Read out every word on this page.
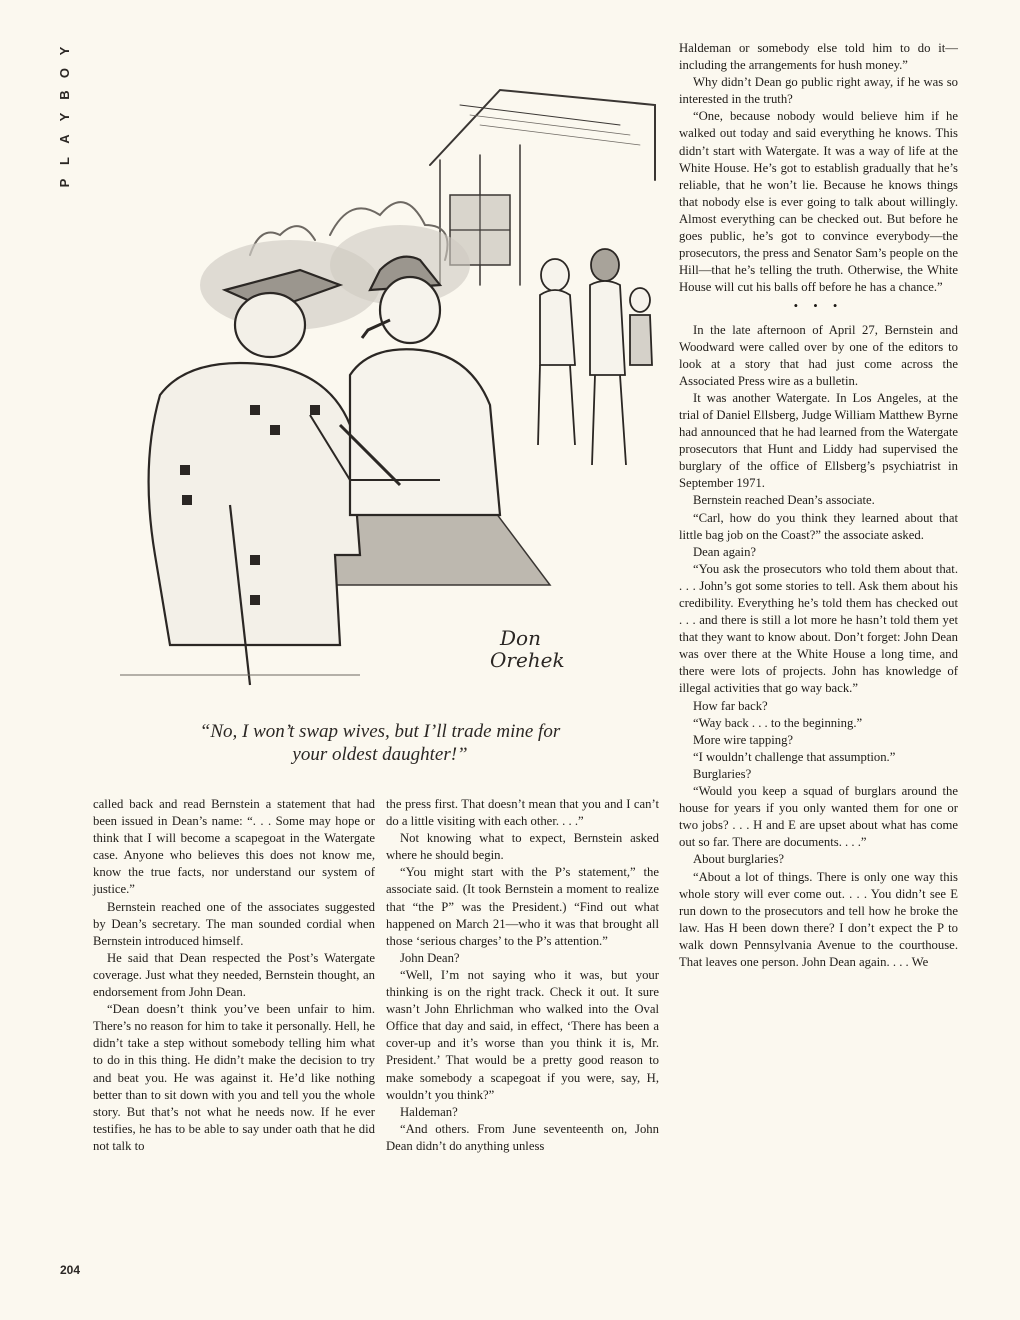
Y
O
B
Y
A
L
P
Don
Orehek
“No, I won’t swap wives, but I’ll trade mine for
your oldest daughter!”

called back and read Bernstein a statement that had been issued in Dean’s name: “. . . Some may hope or think that I will become a scapegoat in the Watergate case. Anyone who believes this does not know me, know the true facts, nor understand our system of justice.”

Bernstein reached one of the associates suggested by Dean’s secretary. The man sounded cordial when Bernstein introduced himself.

He said that Dean respected the Post’s Watergate coverage. Just what they needed, Bernstein thought, an endorsement from John Dean.

“Dean doesn’t think you’ve been unfair to him. There’s no reason for him to take it personally. Hell, he didn’t take a step without somebody telling him what to do in this thing. He didn’t make the decision to try and beat you. He was against it. He’d like nothing better than to sit down with you and tell you the whole story. But that’s not what he needs now. If he ever testifies, he has to be able to say under oath that he did not talk to

the press first. That doesn’t mean that you and I can’t do a little visiting with each other. . . .”

Not knowing what to expect, Bernstein asked where he should begin.

“You might start with the P’s statement,” the associate said. (It took Bernstein a moment to realize that “the P” was the President.) “Find out what happened on March 21—who it was that brought all those ‘serious charges’ to the P’s attention.”

John Dean?

“Well, I’m not saying who it was, but your thinking is on the right track. Check it out. It sure wasn’t John Ehrlichman who walked into the Oval Office that day and said, in effect, ‘There has been a cover-up and it’s worse than you think it is, Mr. President.’ That would be a pretty good reason to make somebody a scapegoat if you were, say, H, wouldn’t you think?”

Haldeman?

“And others. From June seventeenth on, John Dean didn’t do anything unless

Haldeman or somebody else told him to do it—including the arrangements for hush money.”

Why didn’t Dean go public right away, if he was so interested in the truth?

“One, because nobody would believe him if he walked out today and said everything he knows. This didn’t start with Watergate. It was a way of life at the White House. He’s got to establish gradually that he’s reliable, that he won’t lie. Because he knows things that nobody else is ever going to talk about willingly. Almost everything can be checked out. But before he goes public, he’s got to convince everybody—the prosecutors, the press and Senator Sam’s people on the Hill—that he’s telling the truth. Otherwise, the White House will cut his balls off before he has a chance.”

• • •

In the late afternoon of April 27, Bernstein and Woodward were called over by one of the editors to look at a story that had just come across the Associated Press wire as a bulletin.

It was another Watergate. In Los Angeles, at the trial of Daniel Ellsberg, Judge William Matthew Byrne had announced that he had learned from the Watergate prosecutors that Hunt and Liddy had supervised the burglary of the office of Ellsberg’s psychiatrist in September 1971.

Bernstein reached Dean’s associate.

“Carl, how do you think they learned about that little bag job on the Coast?” the associate asked.

Dean again?

“You ask the prosecutors who told them about that. . . . John’s got some stories to tell. Ask them about his credibility. Everything he’s told them has checked out . . . and there is still a lot more he hasn’t told them yet that they want to know about. Don’t forget: John Dean was over there at the White House a long time, and there were lots of projects. John has knowledge of illegal activities that go way back.”

How far back?

“Way back . . . to the beginning.”

More wire tapping?

“I wouldn’t challenge that assumption.”

Burglaries?

“Would you keep a squad of burglars around the house for years if you only wanted them for one or two jobs? . . . H and E are upset about what has come out so far. There are documents. . . .”

About burglaries?

“About a lot of things. There is only one way this whole story will ever come out. . . . You didn’t see E run down to the prosecutors and tell how he broke the law. Has H been down there? I don’t expect the P to walk down Pennsylvania Avenue to the courthouse. That leaves one person. John Dean again. . . . We

204
